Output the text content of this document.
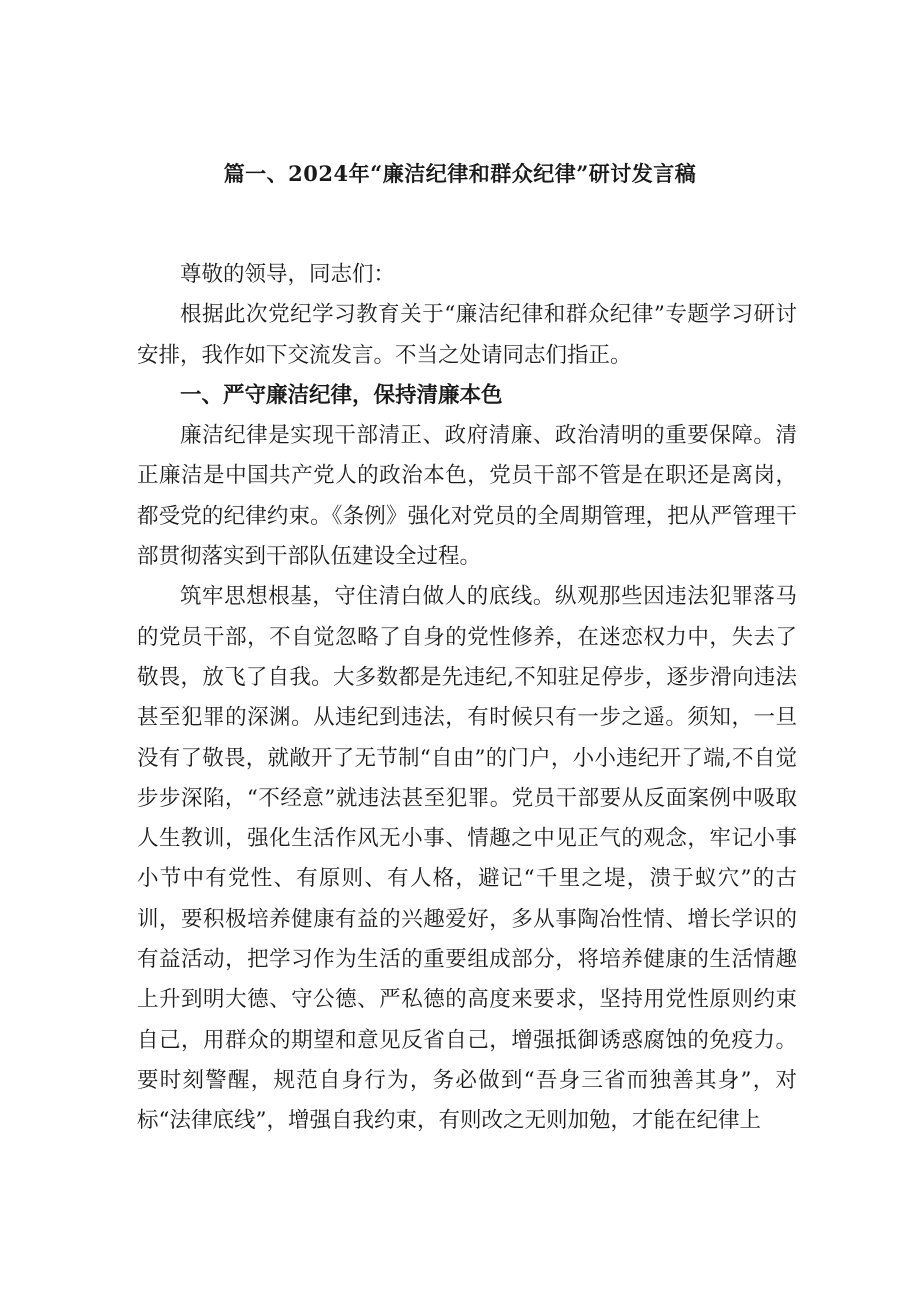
篇一、2024年“廉洁纪律和群众纪律”研讨发言稿

尊敬的领导，同志们：

根据此次党纪学习教育关于“廉洁纪律和群众纪律”专题学习研讨安排，我作如下交流发言。不当之处请同志们指正。

一、严守廉洁纪律，保持清廉本色

廉洁纪律是实现干部清正、政府清廉、政治清明的重要保障。清正廉洁是中国共产党人的政治本色，党员干部不管是在职还是离岗，都受党的纪律约束。《条例》强化对党员的全周期管理，把从严管理干部贯彻落实到干部队伍建设全过程。

筑牢思想根基，守住清白做人的底线。纵观那些因违法犯罪落马的党员干部，不自觉忽略了自身的党性修养，在迷恋权力中，失去了敬畏，放飞了自我。大多数都是先违纪,不知驻足停步，逐步滑向违法甚至犯罪的深渊。从违纪到违法，有时候只有一步之遥。须知，一旦没有了敬畏，就敞开了无节制“自由”的门户，小小违纪开了端,不自觉步步深陷，“不经意”就违法甚至犯罪。党员干部要从反面案例中吸取人生教训，强化生活作风无小事、情趣之中见正气的观念，牢记小事小节中有党性、有原则、有人格，避记“千里之堤，溃于蚁穴”的古训，要积极培养健康有益的兴趣爱好，多从事陶冶性情、增长学识的有益活动，把学习作为生活的重要组成部分，将培养健康的生活情趣上升到明大德、守公德、严私德的高度来要求，坚持用党性原则约束自己，用群众的期望和意见反省自己，增强抵御诱惑腐蚀的免疫力。要时刻警醒，规范自身行为，务必做到“吾身三省而独善其身”，对标“法律底线”，增强自我约束，有则改之无则加勉，才能在纪律上
